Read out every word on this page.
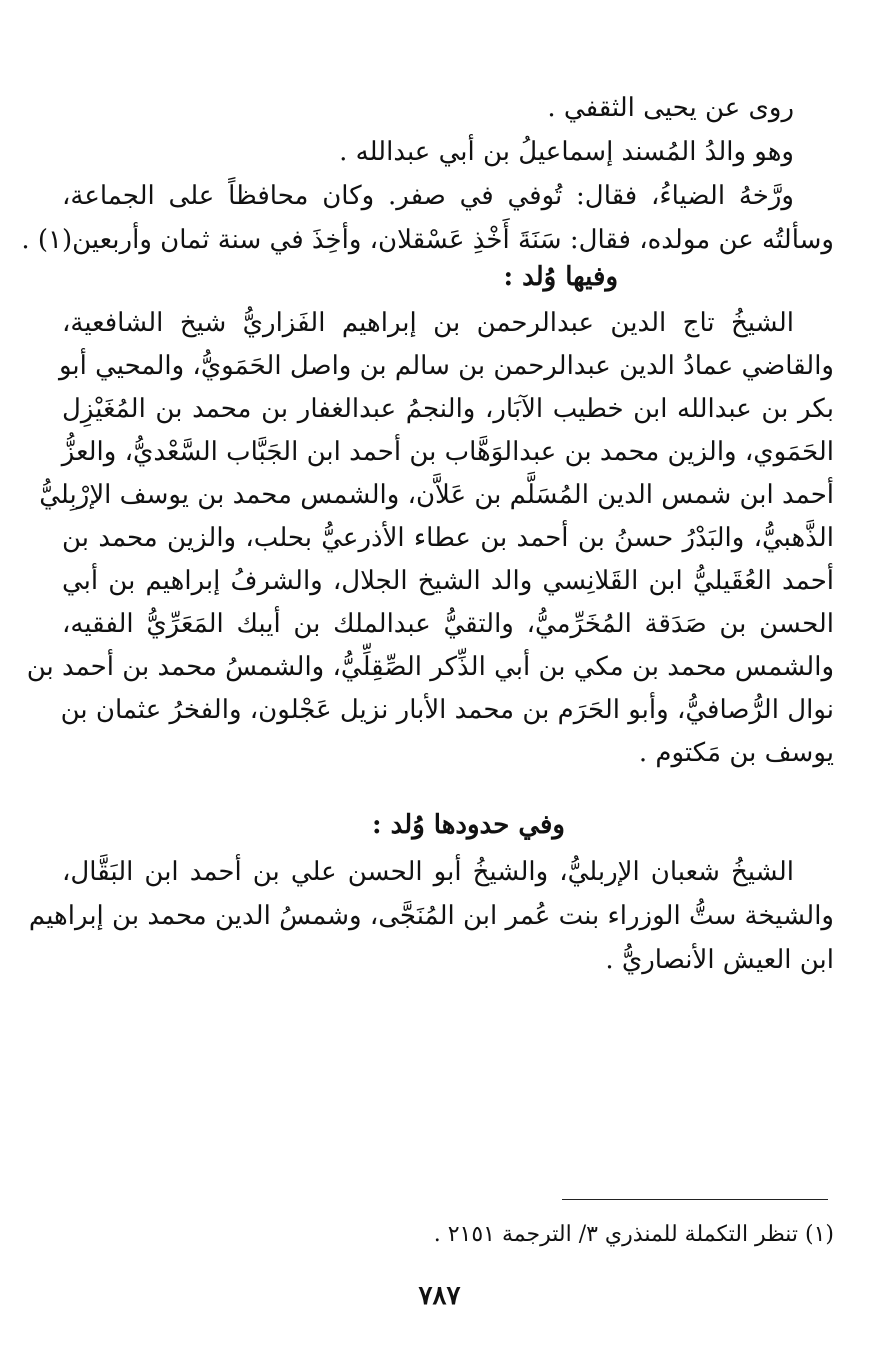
روى عن يحيى الثقفي .
وهو والدُ المُسند إسماعيلُ بن أبي عبدالله .
ورَّخهُ الضياءُ، فقال: تُوفي في صفر. وكان محافظاً على الجماعة،
وسألتُه عن مولده، فقال: سَنَةَ أَخْذِ عَسْقلان، وأخِذَ في سنة ثمان وأربعين(١) .
وفيها وُلد :
الشيخُ تاج الدين عبدالرحمن بن إبراهيم الفَزاريُّ شيخ الشافعية،
والقاضي عمادُ الدين عبدالرحمن بن سالم بن واصل الحَمَويُّ، والمحيي أبو
بكر بن عبدالله ابن خطيب الآبَار، والنجمُ عبدالغفار بن محمد بن المُغَيْزِل
الحَمَوي، والزين محمد بن عبدالوَهَّاب بن أحمد ابن الجَبَّاب السَّعْديُّ، والعزُّ
أحمد ابن شمس الدين المُسَلَّم بن عَلاَّن، والشمس محمد بن يوسف الإرْبِليُّ
الذَّهبيُّ، والبَدْرُ حسنُ بن أحمد بن عطاء الأذرعيُّ بحلب، والزين محمد بن
أحمد العُقَيليُّ ابن القَلانِسي والد الشيخ الجلال، والشرفُ إبراهيم بن أبي
الحسن بن صَدَقة المُخَرِّميُّ، والتقيُّ عبدالملك بن أيبك المَعَرِّيُّ الفقيه،
والشمس محمد بن مكي بن أبي الذِّكر الصِّقِلِّيُّ، والشمسُ محمد بن أحمد بن
نوال الرُّصافيُّ، وأبو الحَرَم بن محمد الأبار نزيل عَجْلون، والفخرُ عثمان بن
يوسف بن مَكتوم .
وفي حدودها وُلد :
الشيخُ شعبان الإربليُّ، والشيخُ أبو الحسن علي بن أحمد ابن البَقَّال،
والشيخة ستُّ الوزراء بنت عُمر ابن المُنَجَّى، وشمسُ الدين محمد بن إبراهيم
ابن العيش الأنصاريُّ .
(١) تنظر التكملة للمنذري ٣/ الترجمة ٢١٥١ .
٧٨٧
